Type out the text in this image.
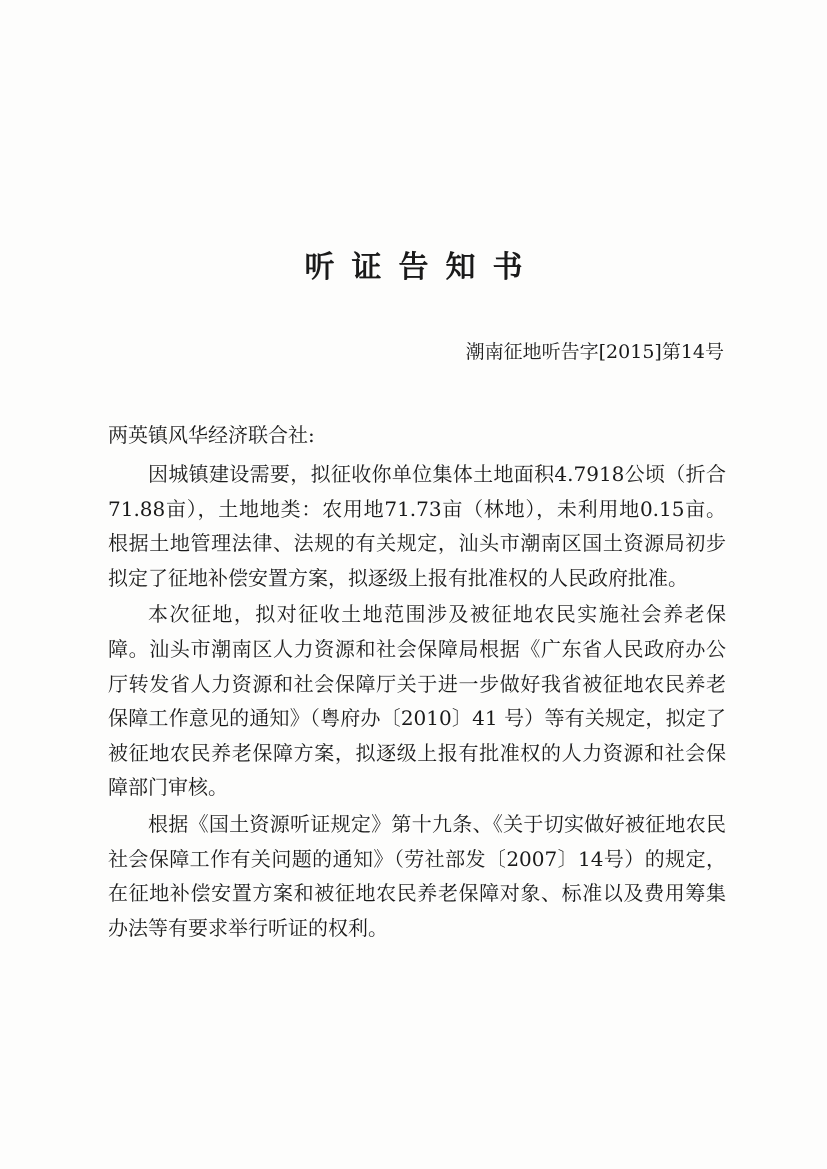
听证告知书
潮南征地听告字[2015]第14号
两英镇风华经济联合社:

因城镇建设需要，拟征收你单位集体土地面积4.7918公顷（折合71.88亩），土地地类：农用地71.73亩（林地），未利用地0.15亩。根据土地管理法律、法规的有关规定，汕头市潮南区国土资源局初步拟定了征地补偿安置方案，拟逐级上报有批准权的人民政府批准。

本次征地，拟对征收土地范围涉及被征地农民实施社会养老保障。汕头市潮南区人力资源和社会保障局根据《广东省人民政府办公厅转发省人力资源和社会保障厅关于进一步做好我省被征地农民养老保障工作意见的通知》（粤府办〔2010〕41 号）等有关规定，拟定了被征地农民养老保障方案，拟逐级上报有批准权的人力资源和社会保障部门审核。

根据《国土资源听证规定》第十九条、《关于切实做好被征地农民社会保障工作有关问题的通知》（劳社部发〔2007〕14号）的规定，在征地补偿安置方案和被征地农民养老保障对象、标准以及费用筹集办法等有要求举行听证的权利。
